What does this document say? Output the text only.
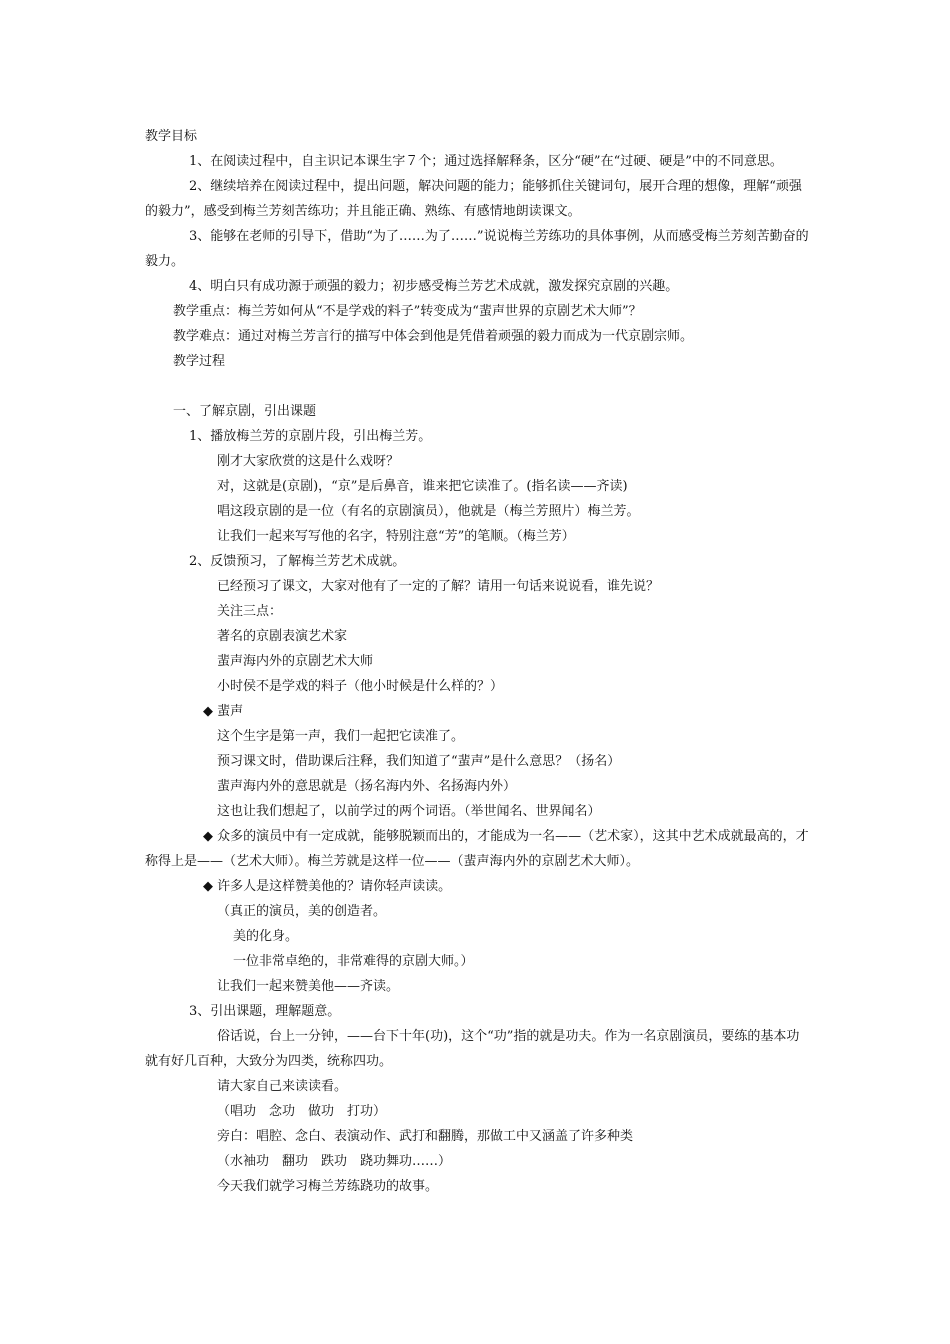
教学目标

1、在阅读过程中，自主识记本课生字７个；通过选择解释条，区分“硬”在“过硬、硬是”中的不同意思。

2、继续培养在阅读过程中，提出问题，解决问题的能力；能够抓住关键词句，展开合理的想像，理解“顽强的毅力”，感受到梅兰芳刻苦练功；并且能正确、熟练、有感情地朗读课文。

3、能够在老师的引导下，借助“为了……为了……”说说梅兰芳练功的具体事例，从而感受梅兰芳刻苦勤奋的毅力。

4、明白只有成功源于顽强的毅力；初步感受梅兰芳艺术成就，激发探究京剧的兴趣。

教学重点：梅兰芳如何从“不是学戏的料子”转变成为“蜚声世界的京剧艺术大师”？

教学难点：通过对梅兰芳言行的描写中体会到他是凭借着顽强的毅力而成为一代京剧宗师。

教学过程

一、了解京剧，引出课题

1、播放梅兰芳的京剧片段，引出梅兰芳。

刚才大家欣赏的这是什么戏呀？

对，这就是(京剧)，“京”是后鼻音，谁来把它读准了。(指名读——齐读)

唱这段京剧的是一位（有名的京剧演员），他就是（梅兰芳照片）梅兰芳。

让我们一起来写写他的名字，特别注意“芳”的笔顺。（梅兰芳）

2、反馈预习，了解梅兰芳艺术成就。

已经预习了课文，大家对他有了一定的了解？请用一句话来说说看，谁先说？

关注三点：

著名的京剧表演艺术家

蜚声海内外的京剧艺术大师

小时侯不是学戏的料子（他小时候是什么样的？）

◆ 蜚声

这个生字是第一声，我们一起把它读准了。

预习课文时，借助课后注释，我们知道了“蜚声”是什么意思？（扬名）

蜚声海内外的意思就是（扬名海内外、名扬海内外）

这也让我们想起了，以前学过的两个词语。（举世闻名、世界闻名）

◆ 众多的演员中有一定成就，能够脱颖而出的，才能成为一名——（艺术家），这其中艺术成就最高的，才称得上是——（艺术大师）。梅兰芳就是这样一位——（蜚声海内外的京剧艺术大师）。

◆ 许多人是这样赞美他的？请你轻声读读。

（真正的演员，美的创造者。

美的化身。

一位非常卓绝的，非常难得的京剧大师。）

让我们一起来赞美他——齐读。

3、引出课题，理解题意。

俗话说，台上一分钟，——台下十年(功)，这个“功”指的就是功夫。作为一名京剧演员，要练的基本功就有好几百种，大致分为四类，统称四功。

请大家自己来读读看。

（唱功　念功　做功　打功）

旁白：唱腔、念白、表演动作、武打和翻腾，那做工中又涵盖了许多种类

（水袖功　翻功　跌功　跷功舞功……）

今天我们就学习梅兰芳练跷功的故事。
